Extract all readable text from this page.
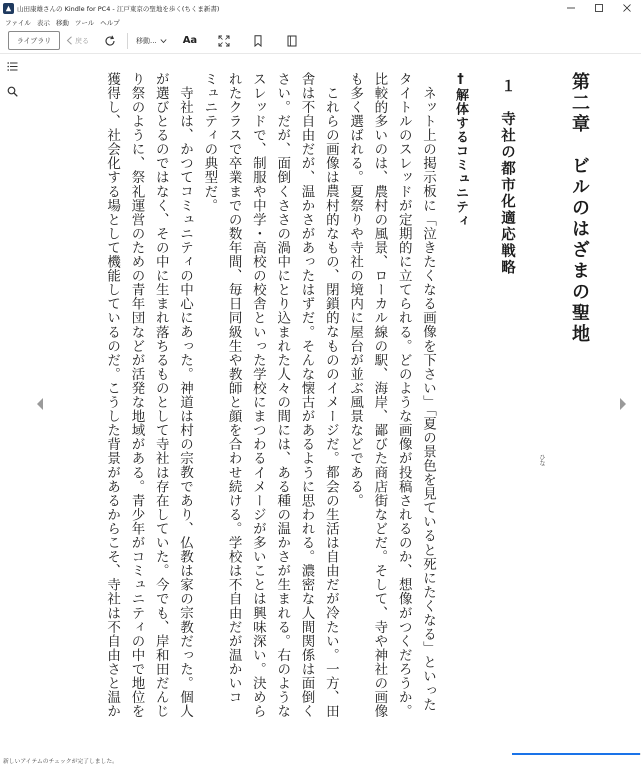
山田康雄さんの Kindle for PC4 - 江戸東京の聖地を歩く(ちくま新書)
ファイル 表示 移動 ツール ヘルプ
ライブラリ	戻る	移動...	Aa
第二章　ビルのはざまの聖地
１　寺社の都市化適応戦略
†解体するコミュニティ
ネット上の掲示板に「泣きたくなる画像を下さい」「夏の景色を見ていると死にたくなる」といった
タイトルのスレッドが定期的に立てられる。どのような画像が投稿されるのか、想像がつくだろうか。
比較的多いのは、農村の風景、ローカル線の駅、海岸、鄙びた商店街などだ。そして、寺や神社の画像
も多く選ばれる。夏祭りや寺社の境内に屋台が並ぶ風景などである。
これらの画像は農村的なもの、閉鎖的なもののイメージだ。都会の生活は自由だが冷たい。一方、田
舎は不自由だが、温かさがあったはずだ。そんな懐古があるように思われる。濃密な人間関係は面倒く
さい。だが、面倒くささの渦中にとり込まれた人々の間には、ある種の温かさが生まれる。右のような
スレッドで、制服や中学・高校の校舎といった学校にまつわるイメージが多いことは興味深い。決めら
れたクラスで卒業までの数年間、毎日同級生や教師と顔を合わせ続ける。学校は不自由だが温かいコ
ミュニティの典型だ。
寺社は、かつてコミュニティの中心にあった。神道は村の宗教であり、仏教は家の宗教だった。個人
が選びとるのではなく、その中に生まれ落ちるものとして寺社は存在していた。今でも、岸和田だんじ
り祭のように、祭礼運営のための青年団などが活発な地域がある。青少年がコミュニティの中で地位を
獲得し、社会化する場として機能しているのだ。こうした背景があるからこそ、寺社は不自由さと温か	ひな
新しいアイテムのチェックが完了しました。
